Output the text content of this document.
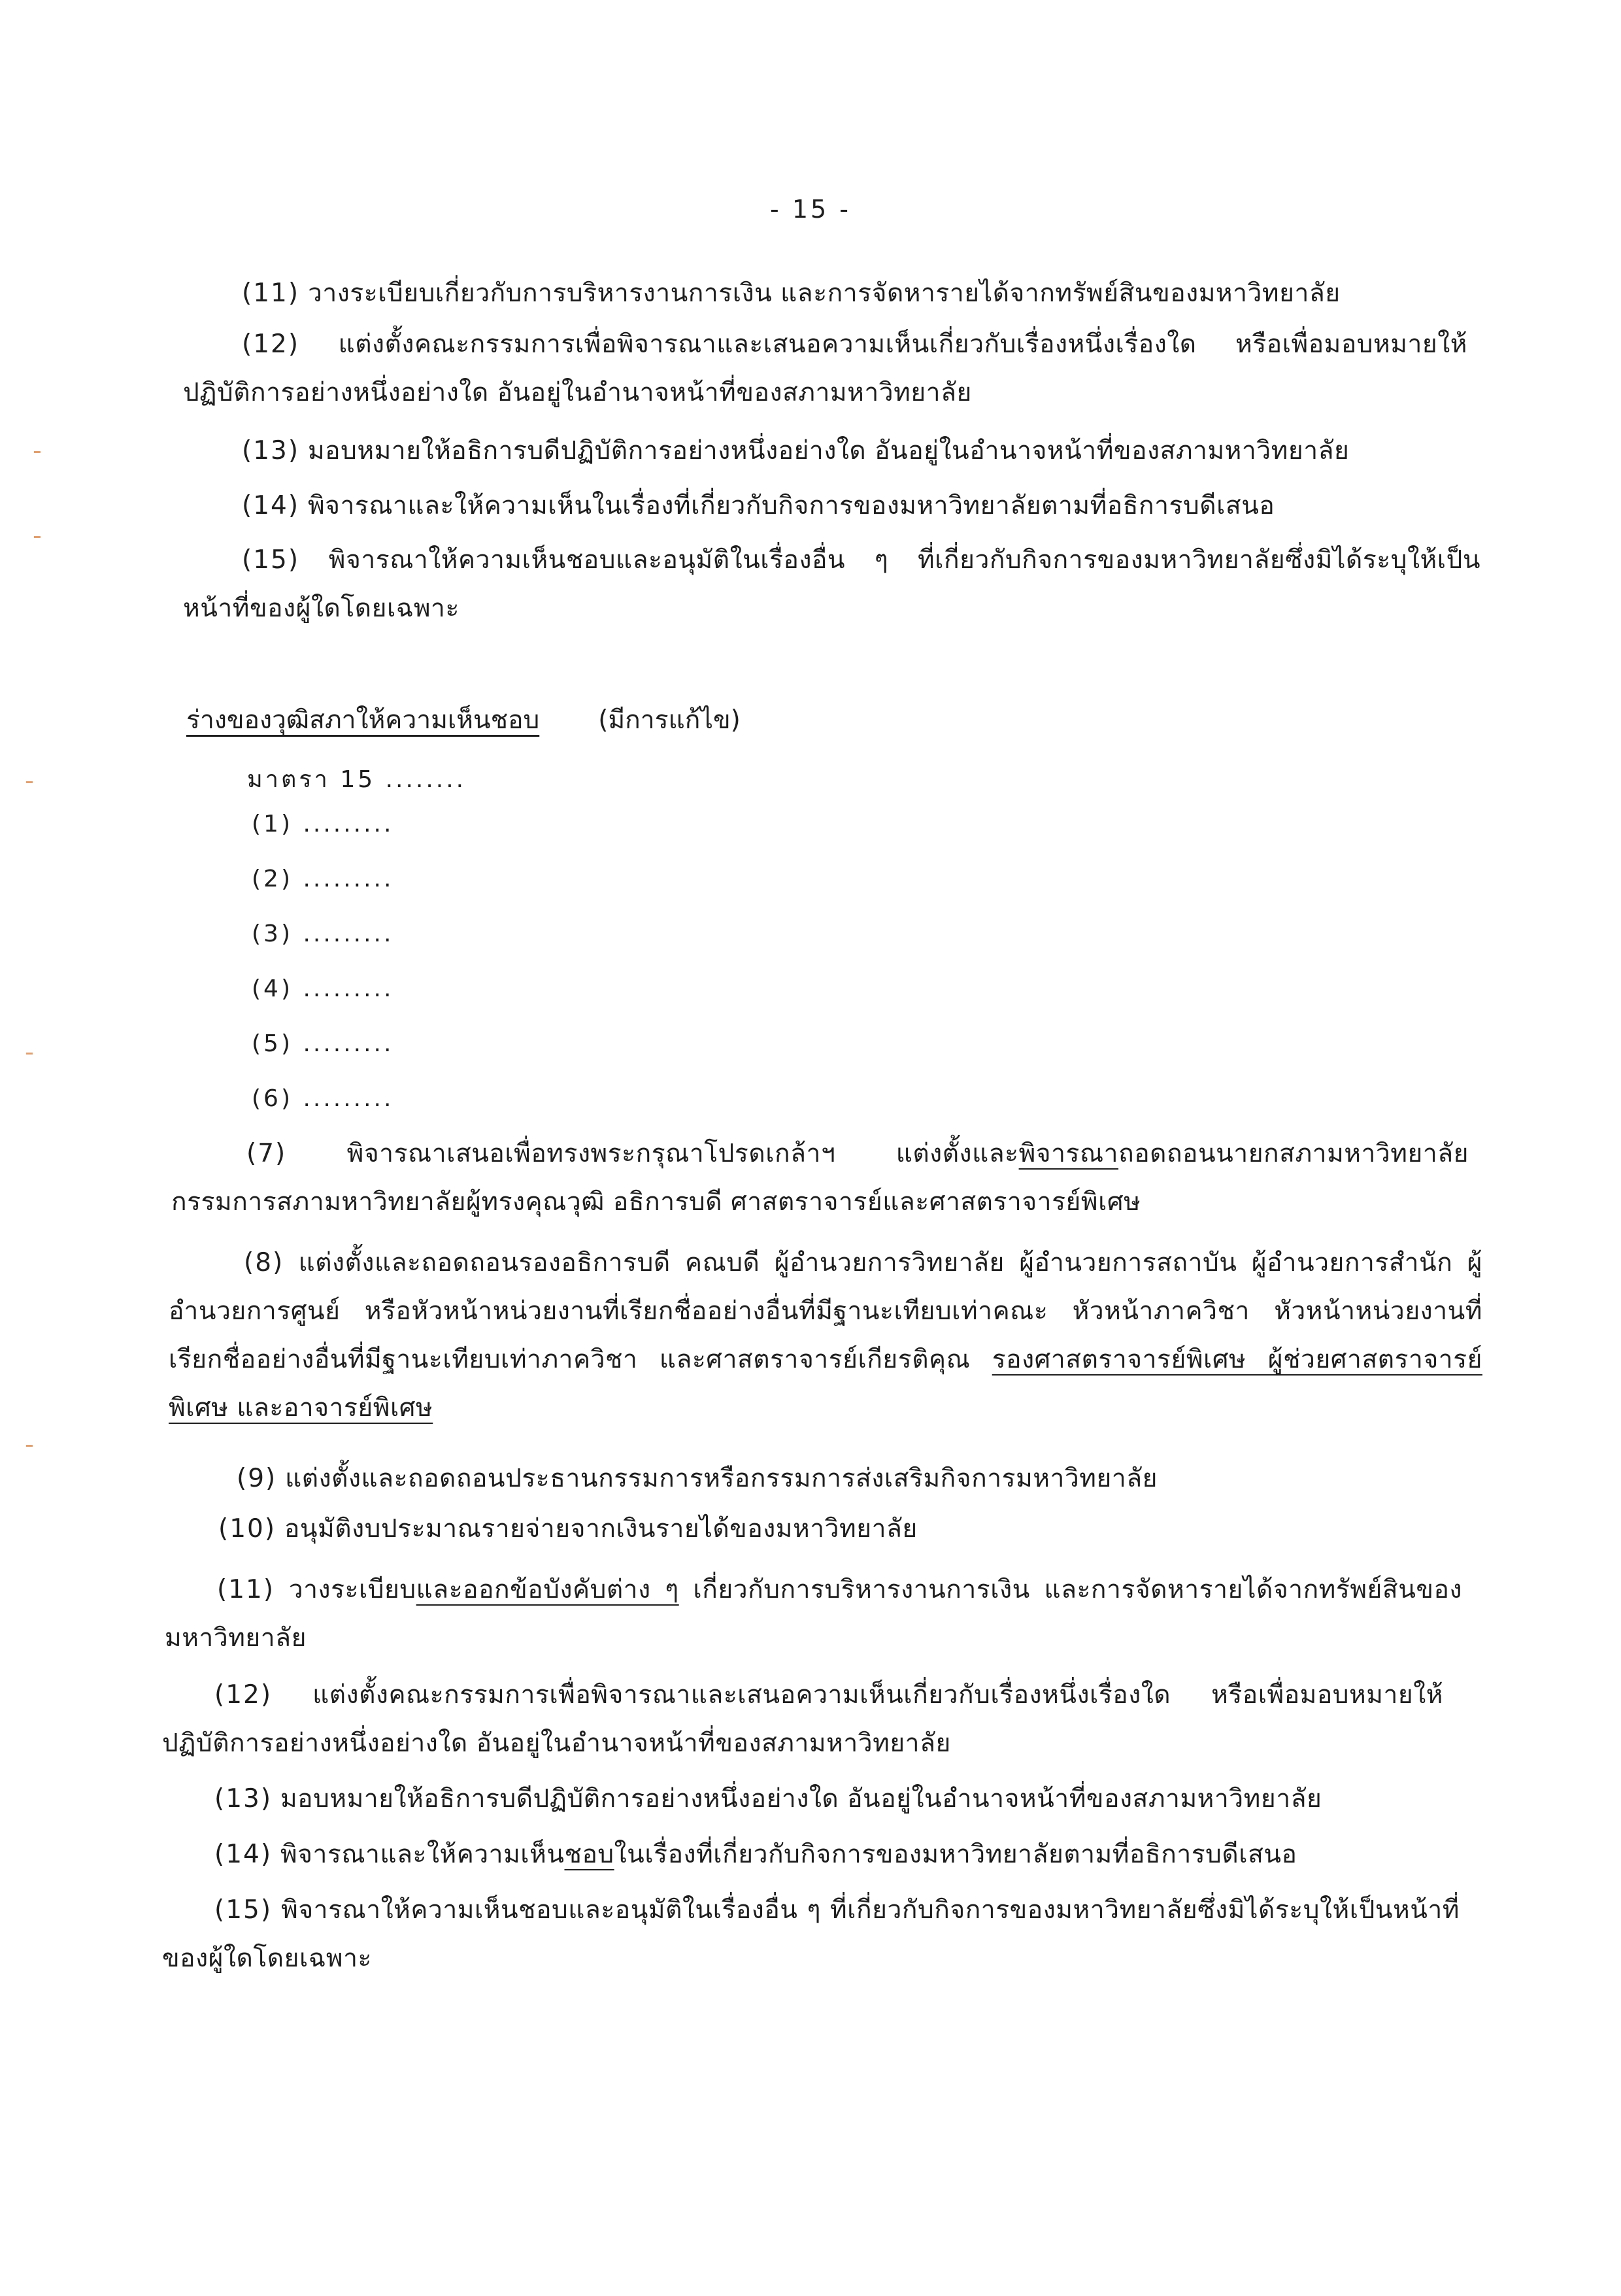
- 15 -

(11) วางระเบียบเกี่ยวกับการบริหารงานการเงิน และการจัดหารายได้จากทรัพย์สินของมหาวิทยาลัย

(12) แต่งตั้งคณะกรรมการเพื่อพิจารณาและเสนอความเห็นเกี่ยวกับเรื่องหนึ่งเรื่องใด หรือเพื่อมอบหมายให้ปฏิบัติการอย่างหนึ่งอย่างใด อันอยู่ในอำนาจหน้าที่ของสภามหาวิทยาลัย

(13) มอบหมายให้อธิการบดีปฏิบัติการอย่างหนึ่งอย่างใด อันอยู่ในอำนาจหน้าที่ของสภามหาวิทยาลัย

(14) พิจารณาและให้ความเห็นในเรื่องที่เกี่ยวกับกิจการของมหาวิทยาลัยตามที่อธิการบดีเสนอ

(15) พิจารณาให้ความเห็นชอบและอนุมัติในเรื่องอื่น ๆ ที่เกี่ยวกับกิจการของมหาวิทยาลัยซึ่งมิได้ระบุให้เป็นหน้าที่ของผู้ใดโดยเฉพาะ

ร่างของวุฒิสภาให้ความเห็นชอบ (มีการแก้ไข)
มาตรา 15 ........
(1) .........
(2) .........
(3) .........
(4) .........
(5) .........
(6) .........

(7) พิจารณาเสนอเพื่อทรงพระกรุณาโปรดเกล้าฯ แต่งตั้งและพิจารณาถอดถอนนายกสภามหาวิทยาลัย กรรมการสภามหาวิทยาลัยผู้ทรงคุณวุฒิ อธิการบดี ศาสตราจารย์และศาสตราจารย์พิเศษ

(8) แต่งตั้งและถอดถอนรองอธิการบดี คณบดี ผู้อำนวยการวิทยาลัย ผู้อำนวยการสถาบัน ผู้อำนวยการสำนัก ผู้อำนวยการศูนย์ หรือหัวหน้าหน่วยงานที่เรียกชื่ออย่างอื่นที่มีฐานะเทียบเท่าคณะ หัวหน้าภาควิชา หัวหน้าหน่วยงานที่เรียกชื่ออย่างอื่นที่มีฐานะเทียบเท่าภาควิชา และศาสตราจารย์เกียรติคุณ รองศาสตราจารย์พิเศษ ผู้ช่วยศาสตราจารย์พิเศษ และอาจารย์พิเศษ

(9) แต่งตั้งและถอดถอนประธานกรรมการหรือกรรมการส่งเสริมกิจการมหาวิทยาลัย

(10) อนุมัติงบประมาณรายจ่ายจากเงินรายได้ของมหาวิทยาลัย

(11) วางระเบียบและออกข้อบังคับต่าง ๆ เกี่ยวกับการบริหารงานการเงิน และการจัดหารายได้จากทรัพย์สินของมหาวิทยาลัย

(12) แต่งตั้งคณะกรรมการเพื่อพิจารณาและเสนอความเห็นเกี่ยวกับเรื่องหนึ่งเรื่องใด หรือเพื่อมอบหมายให้ปฏิบัติการอย่างหนึ่งอย่างใด อันอยู่ในอำนาจหน้าที่ของสภามหาวิทยาลัย

(13) มอบหมายให้อธิการบดีปฏิบัติการอย่างหนึ่งอย่างใด อันอยู่ในอำนาจหน้าที่ของสภามหาวิทยาลัย

(14) พิจารณาและให้ความเห็นชอบในเรื่องที่เกี่ยวกับกิจการของมหาวิทยาลัยตามที่อธิการบดีเสนอ

(15) พิจารณาให้ความเห็นชอบและอนุมัติในเรื่องอื่น ๆ ที่เกี่ยวกับกิจการของมหาวิทยาลัยซึ่งมิได้ระบุให้เป็นหน้าที่ของผู้ใดโดยเฉพาะ
